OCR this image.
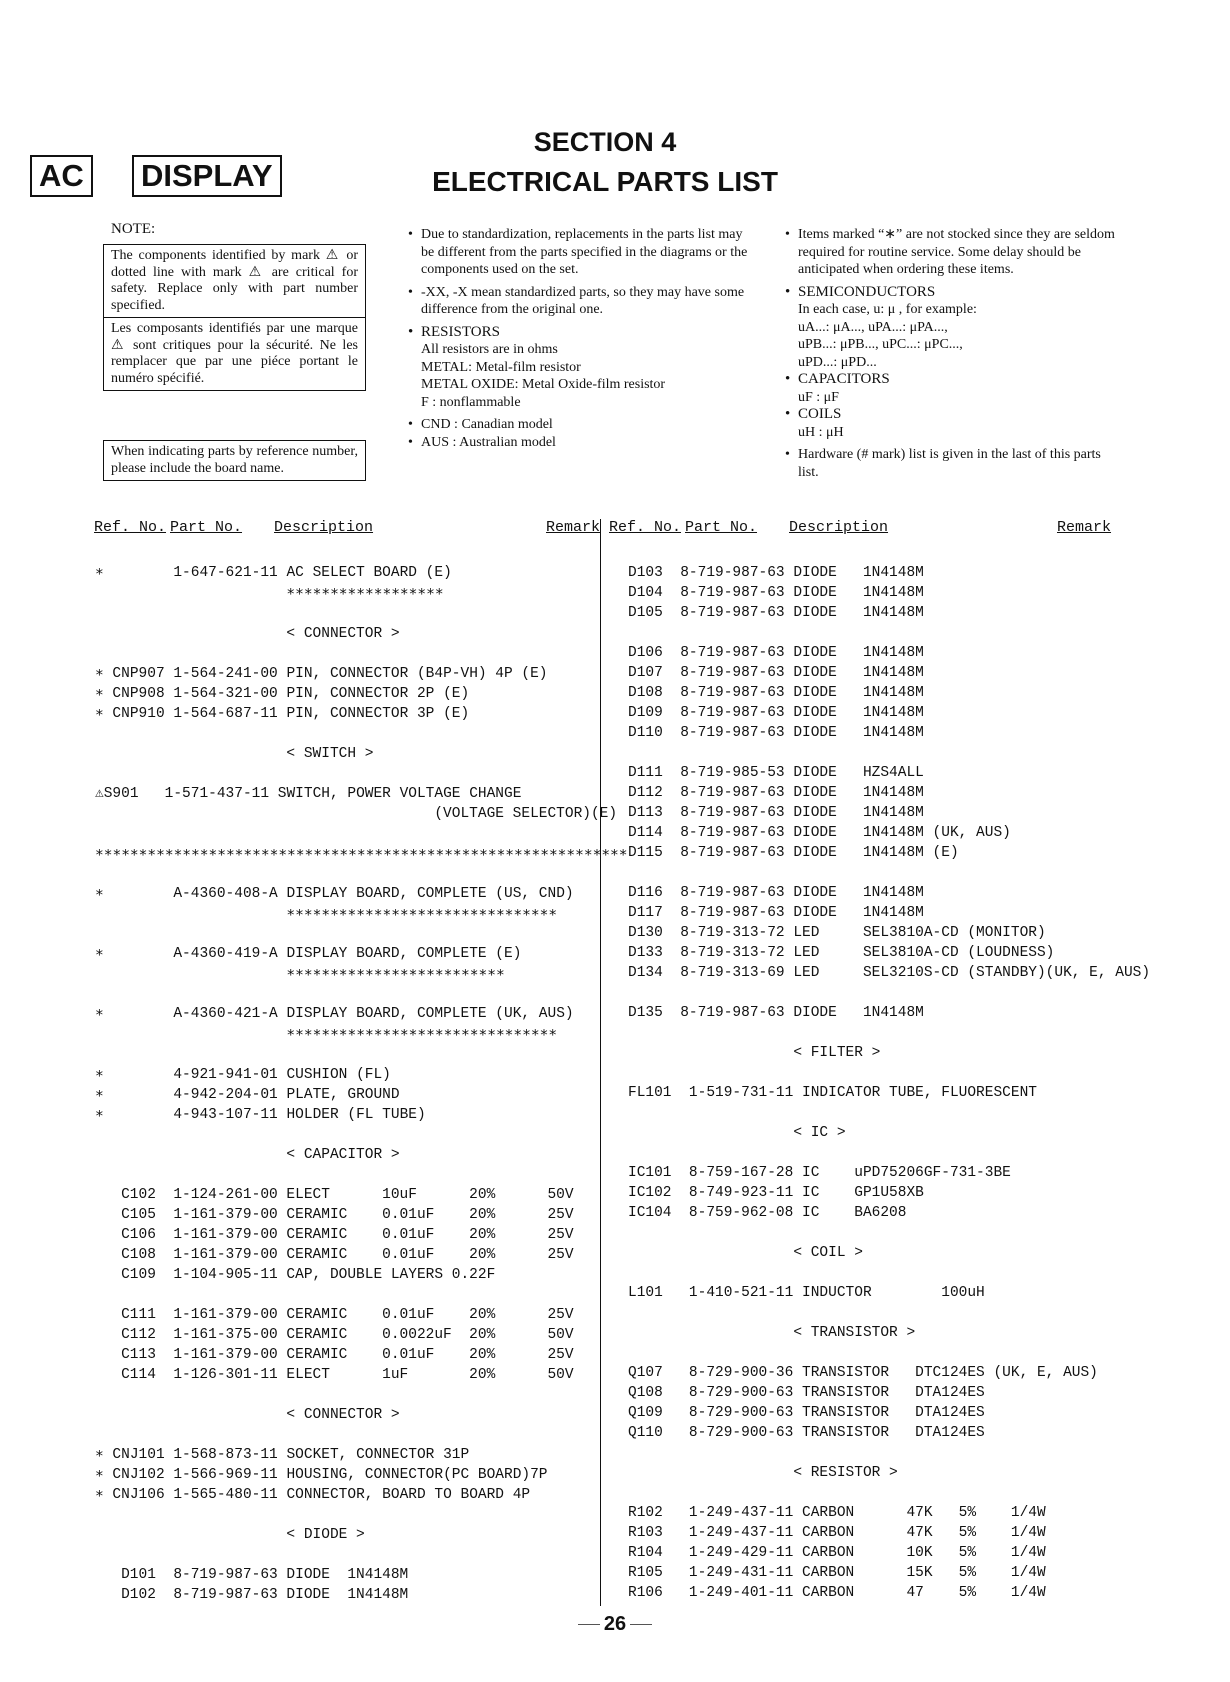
AC DISPLAY
SECTION 4
ELECTRICAL PARTS LIST
NOTE:

The components identified by mark ⚠ or dotted line with mark ⚠ are critical for safety. Replace only with part number specified.

Les composants identifiés par une marque ⚠ sont critiques pour la sécurité. Ne les remplacer que par une piéce portant le numéro spécifié.

When indicating parts by reference number, please include the board name.

• Due to standardization, replacements in the parts list may be different from the parts specified in the diagrams or the components used on the set.
• -XX, -X mean standardized parts, so they may have some difference from the original one.
• RESISTORS
All resistors are in ohms
METAL: Metal-film resistor
METAL OXIDE: Metal Oxide-film resistor
F : nonflammable
• CND : Canadian model
• AUS : Australian model
• Items marked “∗” are not stocked since they are seldom required for routine service. Some delay should be anticipated when ordering these items.
• SEMICONDUCTORS
In each case, u: μ , for example:
uA...: μA..., uPA...: μPA...,
uPB...: μPB..., uPC...: μPC...,
uPD...: μPD...
• CAPACITORS
uF : μF
• COILS
uH : μH
• Hardware (# mark) list is given in the last of this parts list.
Ref. No. Part No. Description	Remark Ref. No. Part No. Description	Remark
∗        1-647-621-11 AC SELECT BOARD (E)
∗∗∗∗∗∗∗∗∗∗∗∗∗∗∗∗∗∗
< CONNECTOR >
∗ CNP907 1-564-241-00 PIN, CONNECTOR (B4P-VH) 4P (E)
∗ CNP908 1-564-321-00 PIN, CONNECTOR 2P (E)
∗ CNP910 1-564-687-11 PIN, CONNECTOR 3P (E)
< SWITCH >
⚠S901   1-571-437-11 SWITCH, POWER VOLTAGE CHANGE
(VOLTAGE SELECTOR)(E)
∗∗∗∗∗∗∗∗∗∗∗∗∗∗∗∗∗∗∗∗∗∗∗∗∗∗∗∗∗∗∗∗∗∗∗∗∗∗∗∗∗∗∗∗∗∗∗∗∗∗∗∗∗∗∗∗∗∗∗∗∗
∗        A-4360-408-A DISPLAY BOARD, COMPLETE (US, CND)
∗∗∗∗∗∗∗∗∗∗∗∗∗∗∗∗∗∗∗∗∗∗∗∗∗∗∗∗∗∗∗
∗        A-4360-419-A DISPLAY BOARD, COMPLETE (E)
∗∗∗∗∗∗∗∗∗∗∗∗∗∗∗∗∗∗∗∗∗∗∗∗∗
∗        A-4360-421-A DISPLAY BOARD, COMPLETE (UK, AUS)
∗∗∗∗∗∗∗∗∗∗∗∗∗∗∗∗∗∗∗∗∗∗∗∗∗∗∗∗∗∗∗
∗        4-921-941-01 CUSHION (FL)
∗        4-942-204-01 PLATE, GROUND
∗        4-943-107-11 HOLDER (FL TUBE)
< CAPACITOR >
C102  1-124-261-00 ELECT      10uF      20%      50V
C105  1-161-379-00 CERAMIC    0.01uF    20%      25V
C106  1-161-379-00 CERAMIC    0.01uF    20%      25V
C108  1-161-379-00 CERAMIC    0.01uF    20%      25V
C109  1-104-905-11 CAP, DOUBLE LAYERS 0.22F
C111  1-161-379-00 CERAMIC    0.01uF    20%      25V
C112  1-161-375-00 CERAMIC    0.0022uF  20%      50V
C113  1-161-379-00 CERAMIC    0.01uF    20%      25V
C114  1-126-301-11 ELECT      1uF       20%      50V
< CONNECTOR >
∗ CNJ101 1-568-873-11 SOCKET, CONNECTOR 31P
∗ CNJ102 1-566-969-11 HOUSING, CONNECTOR(PC BOARD)7P
∗ CNJ106 1-565-480-11 CONNECTOR, BOARD TO BOARD 4P
< DIODE >
D101  8-719-987-63 DIODE  1N4148M
D102  8-719-987-63 DIODE  1N4148M
D103  8-719-987-63 DIODE   1N4148M
D104  8-719-987-63 DIODE   1N4148M
D105  8-719-987-63 DIODE   1N4148M
D106  8-719-987-63 DIODE   1N4148M
D107  8-719-987-63 DIODE   1N4148M
D108  8-719-987-63 DIODE   1N4148M
D109  8-719-987-63 DIODE   1N4148M
D110  8-719-987-63 DIODE   1N4148M
D111  8-719-985-53 DIODE   HZS4ALL
D112  8-719-987-63 DIODE   1N4148M
D113  8-719-987-63 DIODE   1N4148M
D114  8-719-987-63 DIODE   1N4148M (UK, AUS)
D115  8-719-987-63 DIODE   1N4148M (E)
D116  8-719-987-63 DIODE   1N4148M
D117  8-719-987-63 DIODE   1N4148M
D130  8-719-313-72 LED     SEL3810A-CD (MONITOR)
D133  8-719-313-72 LED     SEL3810A-CD (LOUDNESS)
D134  8-719-313-69 LED     SEL3210S-CD (STANDBY)(UK, E, AUS)
D135  8-719-987-63 DIODE   1N4148M
< FILTER >
FL101  1-519-731-11 INDICATOR TUBE, FLUORESCENT
< IC >
IC101  8-759-167-28 IC    uPD75206GF-731-3BE
IC102  8-749-923-11 IC    GP1U58XB
IC104  8-759-962-08 IC    BA6208
< COIL >
L101   1-410-521-11 INDUCTOR        100uH
< TRANSISTOR >
Q107   8-729-900-36 TRANSISTOR   DTC124ES (UK, E, AUS)
Q108   8-729-900-63 TRANSISTOR   DTA124ES
Q109   8-729-900-63 TRANSISTOR   DTA124ES
Q110   8-729-900-63 TRANSISTOR   DTA124ES
< RESISTOR >
R102   1-249-437-11 CARBON      47K   5%    1/4W
R103   1-249-437-11 CARBON      47K   5%    1/4W
R104   1-249-429-11 CARBON      10K   5%    1/4W
R105   1-249-431-11 CARBON      15K   5%    1/4W
R106   1-249-401-11 CARBON      47    5%    1/4W
26
